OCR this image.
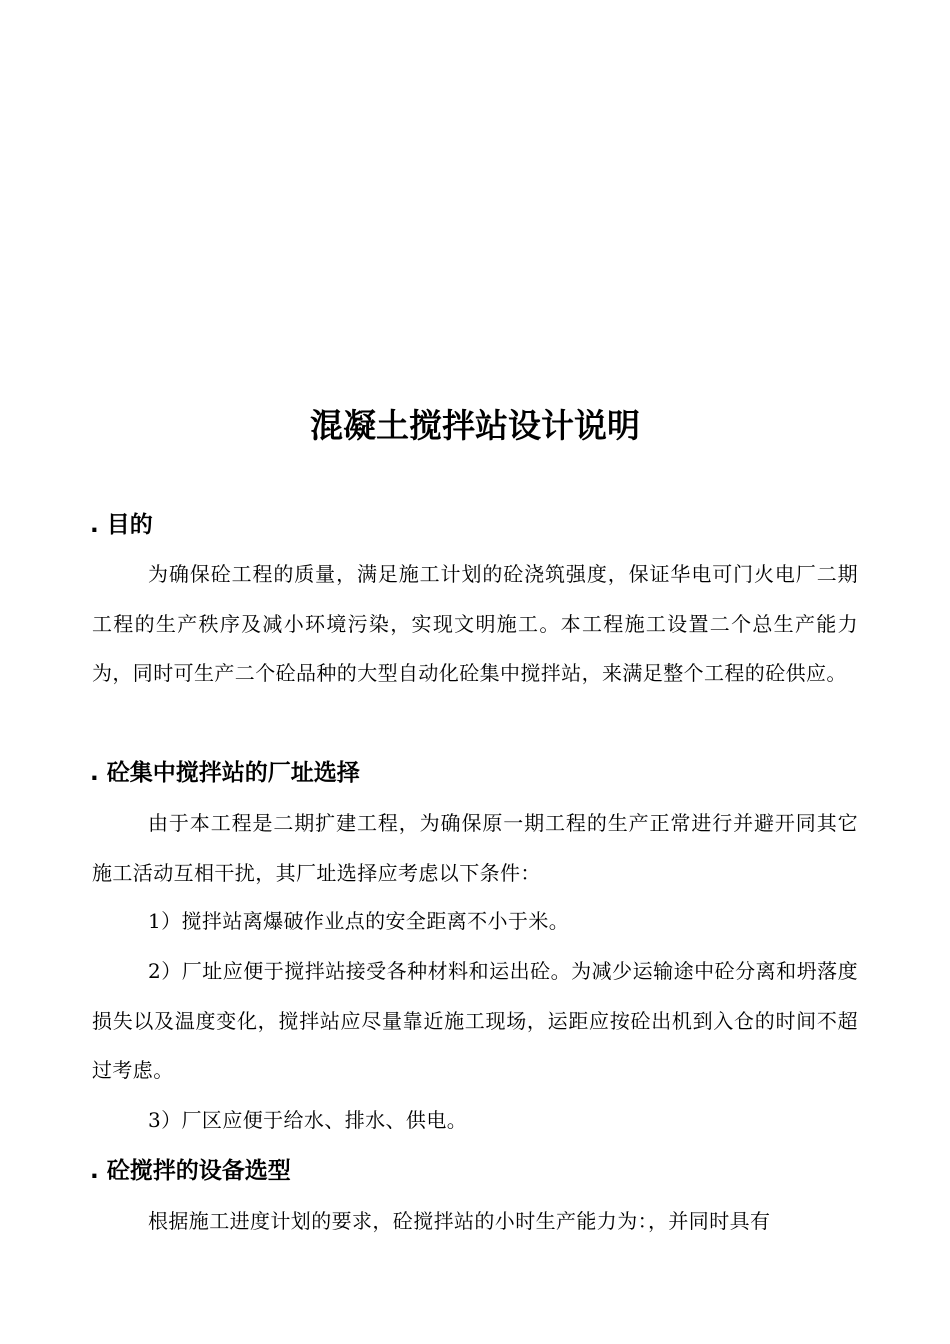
混凝土搅拌站设计说明
. 目的

为确保砼工程的质量，满足施工计划的砼浇筑强度，保证华电可门火电厂二期工程的生产秩序及减小环境污染，实现文明施工。本工程施工设置二个总生产能力为，同时可生产二个砼品种的大型自动化砼集中搅拌站，来满足整个工程的砼供应。

. 砼集中搅拌站的厂址选择

由于本工程是二期扩建工程，为确保原一期工程的生产正常进行并避开同其它施工活动互相干扰，其厂址选择应考虑以下条件：

1）搅拌站离爆破作业点的安全距离不小于米。

2）厂址应便于搅拌站接受各种材料和运出砼。为减少运输途中砼分离和坍落度损失以及温度变化，搅拌站应尽量靠近施工现场，运距应按砼出机到入仓的时间不超过考虑。

3）厂区应便于给水、排水、供电。

. 砼搅拌的设备选型

根据施工进度计划的要求，砼搅拌站的小时生产能力为：，并同时具有
